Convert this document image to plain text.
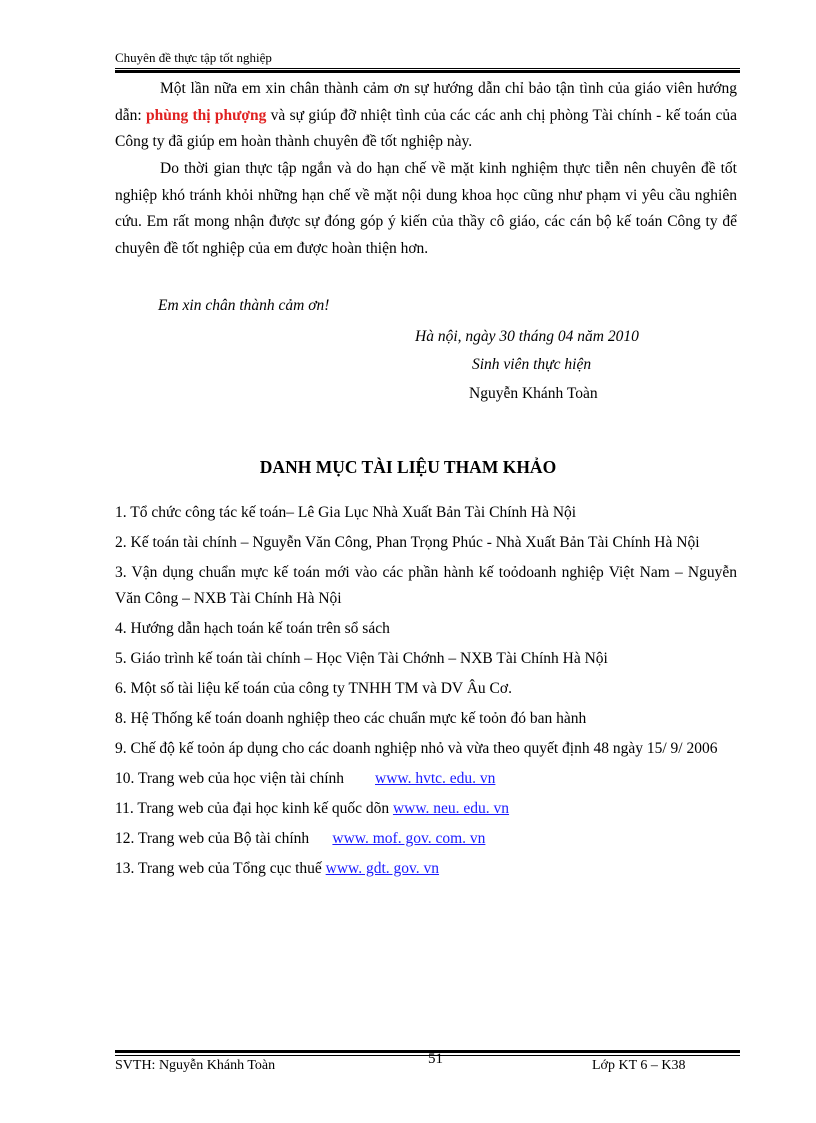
Chuyên đề thực tập tốt nghiệp

Một lần nữa em xin chân thành cảm ơn sự hướng dẫn chỉ bảo tận tình của giáo viên hướng dẫn: phùng thị phượng và sự giúp đỡ nhiệt tình của các các anh chị phòng Tài chính - kế toán của Công ty đã giúp em hoàn thành chuyên đề tốt nghiệp này.

Do thời gian thực tập ngắn và do hạn chế về mặt kinh nghiệm thực tiễn nên chuyên đề tốt nghiệp khó tránh khỏi những hạn chế về mặt nội dung khoa học cũng như phạm vi yêu cầu nghiên cứu. Em rất mong nhận được sự đóng góp ý kiến của thầy cô giáo, các cán bộ kế toán Công ty để chuyên đề tốt nghiệp của em được hoàn thiện hơn.

Em xin chân thành cảm ơn!
Hà nội, ngày 30 tháng 04 năm 2010
Sinh viên thực hiện
Nguyễn Khánh Toàn
DANH MỤC TÀI LIỆU THAM KHẢO
1. Tổ chức công tác kế toán– Lê Gia Lục Nhà Xuất Bản Tài Chính Hà Nội
2. Kế toán tài chính – Nguyễn Văn Công, Phan Trọng Phúc - Nhà Xuất Bản Tài Chính Hà Nội
3. Vận dụng chuẩn mực kế toán mới vào các phần hành kế toỏdoanh nghiệp Việt Nam – Nguyễn Văn Công – NXB Tài Chính Hà Nội
4. Hướng dẫn hạch toán kế toán trên sổ sách
5. Giáo trình kế toán tài chính – Học Viện Tài Chớnh – NXB Tài Chính Hà Nội
6. Một số tài liệu kế toán của công ty TNHH TM và DV Âu Cơ.
8. Hệ Thống kế toán doanh nghiệp theo các chuẩn mực kế toỏn đó ban hành
9. Chế độ kế toỏn áp dụng cho các doanh nghiệp nhỏ và vừa theo quyết định 48 ngày 15/ 9/ 2006
10. Trang web của học viện tài chính www. hvtc. edu. vn
11. Trang web của đại học kinh kế quốc dõn www. neu. edu. vn
12. Trang web của Bộ tài chính www. mof. gov. com. vn
13. Trang web của Tổng cục thuế www. gdt. gov. vn
SVTH: Nguyễn Khánh Toàn	51	Lớp KT 6 – K38
